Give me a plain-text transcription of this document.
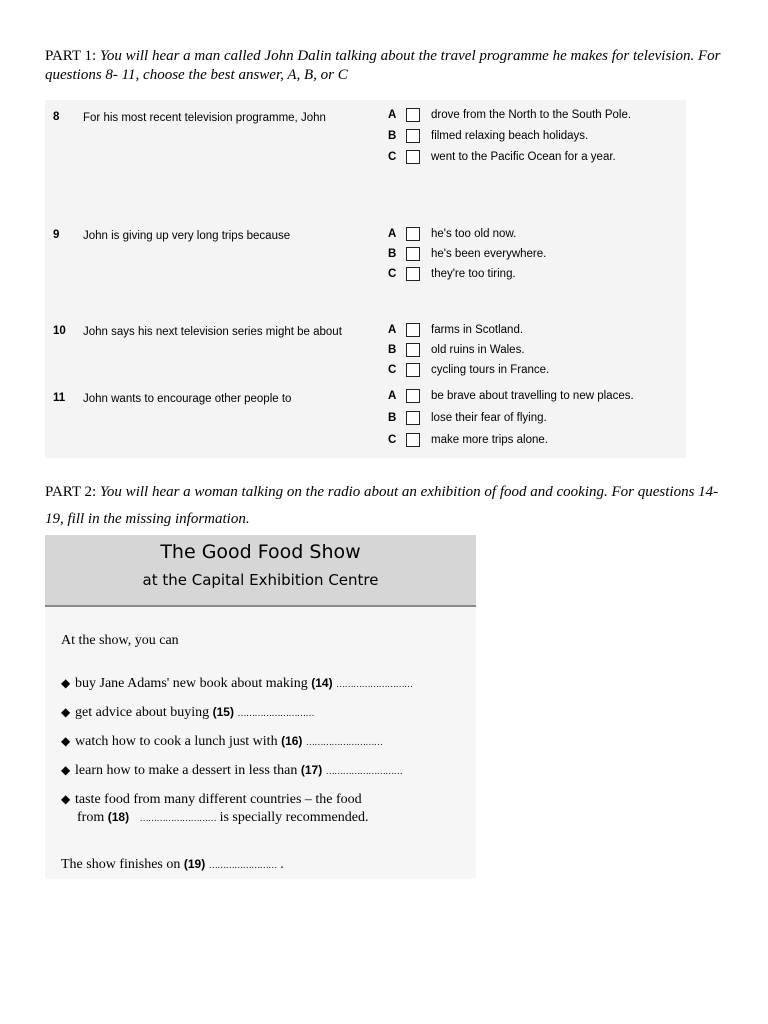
PART 1: You will hear a man called John Dalin talking about the travel programme he makes for television. For questions 8- 11, choose the best answer, A, B, or C
8	For his most recent television programme, John	A	drove from the North to the South Pole.
B	filmed relaxing beach holidays.
C	went to the Pacific Ocean for a year.
9	John is giving up very long trips because	A	he's too old now.
B	he's been everywhere.
C	they're too tiring.
10	John says his next television series might be about	A	farms in Scotland.
B	old ruins in Wales.
C	cycling tours in France.
11	John wants to encourage other people to	A	be brave about travelling to new places.
B	lose their fear of flying.
C	make more trips alone.
PART 2: You will hear a woman talking on the radio about an exhibition of food and cooking. For questions 14- 19, fill in the missing information.
The Good Food Show
at the Capital Exhibition Centre
At the show, you can
◆ buy Jane Adams' new book about making (14) ………………………
◆ get advice about buying (15) ………………………
◆ watch how to cook a lunch just with (16) ………………………
◆ learn how to make a dessert in less than (17) ………………………
◆ taste food from many different countries – the food
from (18) ……………………… is specially recommended.
The show finishes on (19) …………………… .
